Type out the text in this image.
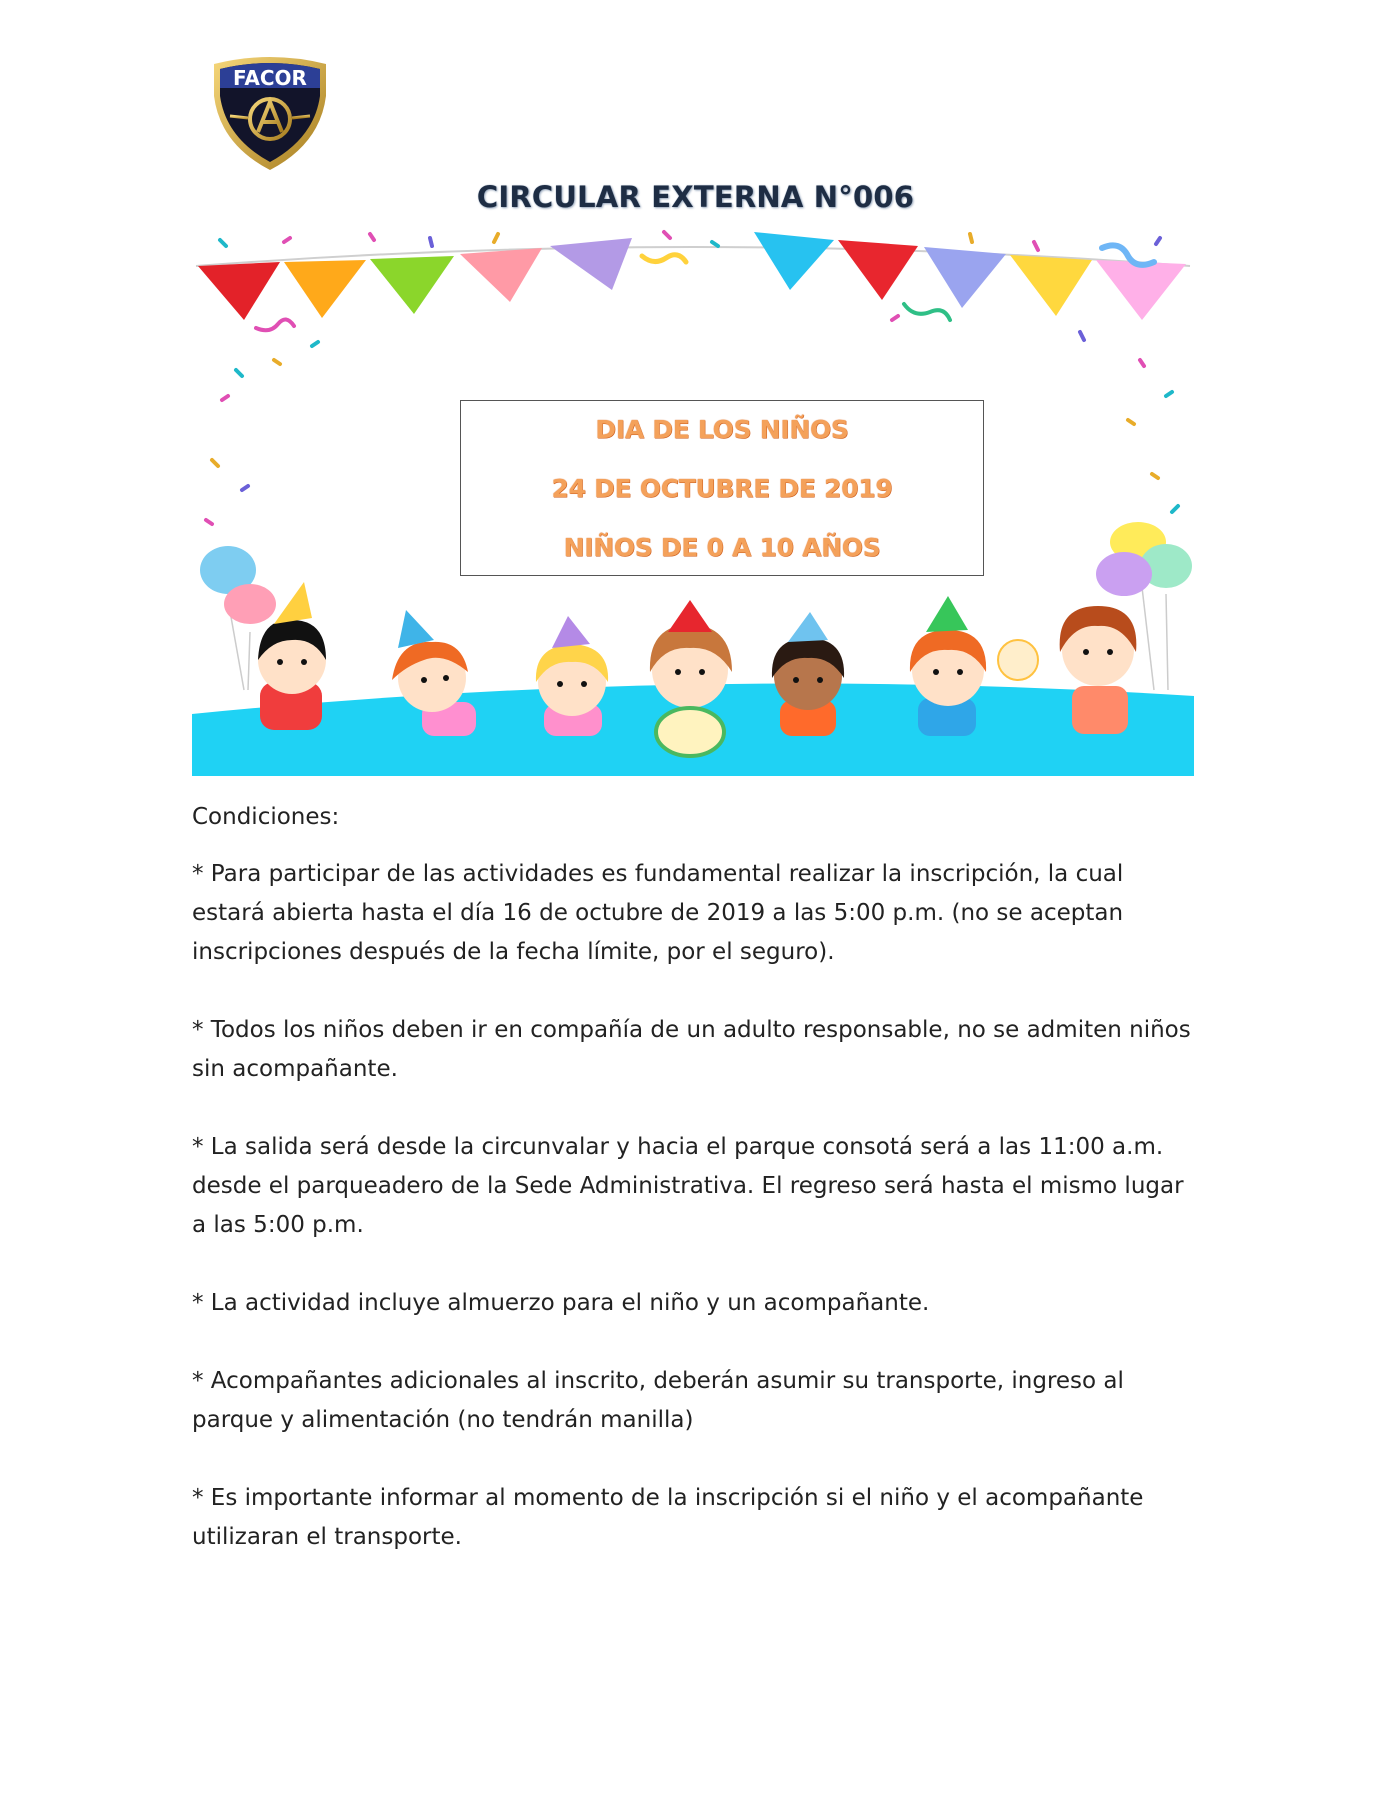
FACOR
CIRCULAR EXTERNA N°006
DIA DE LOS NIÑOS
24 DE OCTUBRE DE 2019
NIÑOS DE 0 A 10 AÑOS

Condiciones:

* Para participar de las actividades es fundamental realizar la inscripción, la cual estará abierta hasta el día 16 de octubre de 2019 a las 5:00 p.m. (no se aceptan inscripciones después de la fecha límite, por el seguro).

* Todos los niños deben ir en compañía de un adulto responsable, no se admiten niños sin acompañante.

* La salida será desde la circunvalar y hacia el parque consotá será a las 11:00 a.m. desde el parqueadero de la Sede Administrativa. El regreso será hasta el mismo lugar a las 5:00 p.m.

* La actividad incluye almuerzo para el niño y un acompañante.

* Acompañantes adicionales al inscrito, deberán asumir su transporte, ingreso al parque y alimentación (no tendrán manilla)

* Es importante informar al momento de la inscripción si el niño y el acompañante utilizaran el transporte.
